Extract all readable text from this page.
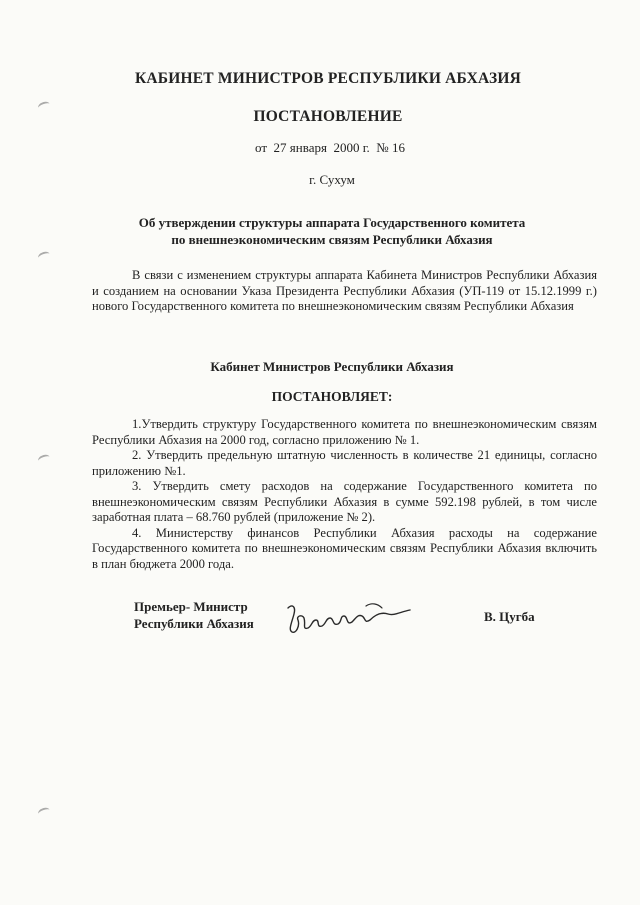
КАБИНЕТ МИНИСТРОВ РЕСПУБЛИКИ АБХАЗИЯ
ПОСТАНОВЛЕНИЕ
от  27 января  2000 г.  № 16
г. Сухум
Об утверждении структуры аппарата Государственного комитета
по внешнеэкономическим связям Республики Абхазия

В связи с изменением структуры аппарата Кабинета Министров Республики Абхазия и созданием на основании Указа Президента Республики Абхазия (УП-119 от 15.12.1999 г.) нового Государственного комитета по внешнеэкономическим связям Республики Абхазия

Кабинет Министров Республики Абхазия
ПОСТАНОВЛЯЕТ:

1.Утвердить структуру Государственного комитета по внешнеэкономическим связям Республики Абхазия на 2000 год, согласно приложению № 1.

2. Утвердить предельную штатную численность в количестве 21 единицы, согласно приложению №1.

3. Утвердить смету расходов на содержание Государственного комитета по внешнеэкономическим связям Республики Абхазия в сумме 592.198 рублей, в том числе заработная плата – 68.760 рублей (приложение № 2).

4. Министерству финансов Республики Абхазия расходы на содержание Государственного комитета по внешнеэкономическим связям Республики Абхазия включить в план бюджета 2000 года.

Премьер- Министр
Республики Абхазия	В. Цугба
